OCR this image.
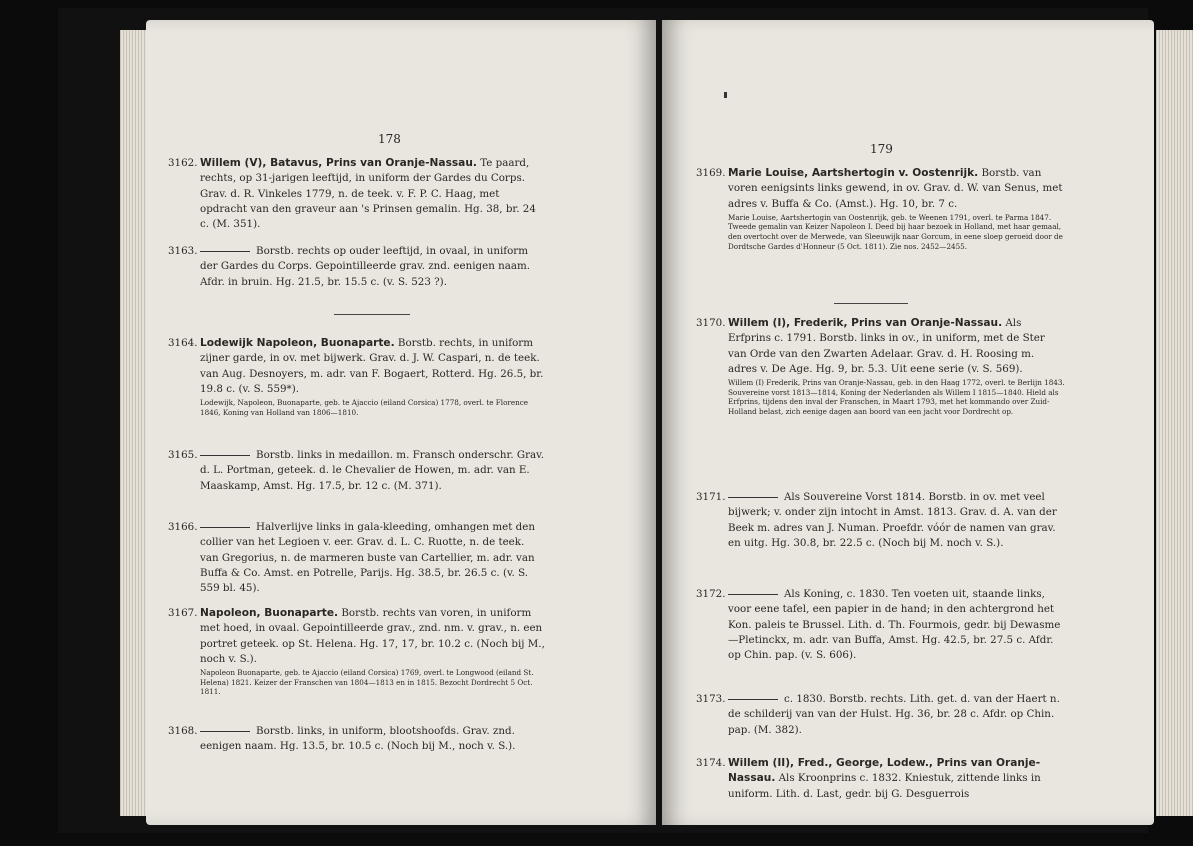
178
3162. Willem (V), Batavus, Prins van Oranje-Nassau. Te paard, rechts, op 31-jarigen leeftijd, in uniform der Gardes du Corps. Grav. d. R. Vinkeles 1779, n. de teek. v. F. P. C. Haag, met opdracht van den graveur aan 's Prinsen gemalin. Hg. 38, br. 24 c. (M. 351).
3163.	Borstb. rechts op ouder leeftijd, in ovaal, in uniform der Gardes du Corps. Gepointilleerde grav. znd. eenigen naam. Afdr. in bruin. Hg. 21.5, br. 15.5 c. (v. S. 523 ?).
3164. Lodewijk Napoleon, Buonaparte. Borstb. rechts, in uniform zijner garde, in ov. met bijwerk. Grav. d. J. W. Caspari, n. de teek. van Aug. Desnoyers, m. adr. van F. Bogaert, Rotterd. Hg. 26.5, br. 19.8 c. (v. S. 559*).
Lodewijk, Napoleon, Buonaparte, geb. te Ajaccio (eiland Corsica) 1778, overl. te Florence 1846, Koning van Holland van 1806—1810.
3165.	Borstb. links in medaillon. m. Fransch onderschr. Grav. d. L. Portman, geteek. d. le Chevalier de Howen, m. adr. van E. Maaskamp, Amst. Hg. 17.5, br. 12 c. (M. 371).
3166.	Halverlijve links in gala-kleeding, omhangen met den collier van het Legioen v. eer. Grav. d. L. C. Ruotte, n. de teek. van Gregorius, n. de marmeren buste van Cartellier, m. adr. van Buffa & Co. Amst. en Potrelle, Parijs. Hg. 38.5, br. 26.5 c. (v. S. 559 bl. 45).
3167. Napoleon, Buonaparte. Borstb. rechts van voren, in uniform met hoed, in ovaal. Gepointilleerde grav., znd. nm. v. grav., n. een portret geteek. op St. Helena. Hg. 17, 17, br. 10.2 c. (Noch bij M., noch v. S.).
Napoleon Buonaparte, geb. te Ajaccio (eiland Corsica) 1769, overl. te Longwood (eiland St. Helena) 1821. Keizer der Franschen van 1804—1813 en in 1815. Bezocht Dordrecht 5 Oct. 1811.
3168.	Borstb. links, in uniform, blootshoofds. Grav. znd. eenigen naam. Hg. 13.5, br. 10.5 c. (Noch bij M., noch v. S.).
179
3169. Marie Louise, Aartshertogin v. Oostenrijk. Borstb. van voren eenigsints links gewend, in ov. Grav. d. W. van Senus, met adres v. Buffa & Co. (Amst.). Hg. 10, br. 7 c.
Marie Louise, Aartshertogin van Oostenrijk, geb. te Weenen 1791, overl. te Parma 1847. Tweede gemalin van Keizer Napoleon I. Deed bij haar bezoek in Holland, met haar gemaal, den overtocht over de Merwede, van Sleeuwijk naar Gorcum, in eene sloep geroeid door de Dordtsche Gardes d'Honneur (5 Oct. 1811). Zie nos. 2452—2455.
3170. Willem (I), Frederik, Prins van Oranje-Nassau. Als Erfprins c. 1791. Borstb. links in ov., in uniform, met de Ster van Orde van den Zwarten Adelaar. Grav. d. H. Roosing m. adres v. De Age. Hg. 9, br. 5.3. Uit eene serie (v. S. 569).
Willem (I) Frederik, Prins van Oranje-Nassau, geb. in den Haag 1772, overl. te Berlijn 1843. Souvereine vorst 1813—1814, Koning der Nederlanden als Willem I 1815—1840. Hield als Erfprins, tijdens den inval der Franschen, in Maart 1793, met het kommando over Zuid-Holland belast, zich eenige dagen aan boord van een jacht voor Dordrecht op.
3171.	Als Souvereine Vorst 1814. Borstb. in ov. met veel bijwerk; v. onder zijn intocht in Amst. 1813. Grav. d. A. van der Beek m. adres van J. Numan. Proefdr. vóór de namen van grav. en uitg. Hg. 30.8, br. 22.5 c. (Noch bij M. noch v. S.).
3172.	Als Koning, c. 1830. Ten voeten uit, staande links, voor eene tafel, een papier in de hand; in den achtergrond het Kon. paleis te Brussel. Lith. d. Th. Fourmois, gedr. bij Dewasme—Pletinckx, m. adr. van Buffa, Amst. Hg. 42.5, br. 27.5 c. Afdr. op Chin. pap. (v. S. 606).
3173.	c. 1830. Borstb. rechts. Lith. get. d. van der Haert n. de schilderij van van der Hulst. Hg. 36, br. 28 c. Afdr. op Chin. pap. (M. 382).
3174. Willem (II), Fred., George, Lodew., Prins van Oranje-Nassau. Als Kroonprins c. 1832. Kniestuk, zittende links in uniform. Lith. d. Last, gedr. bij G. Desguerrois
